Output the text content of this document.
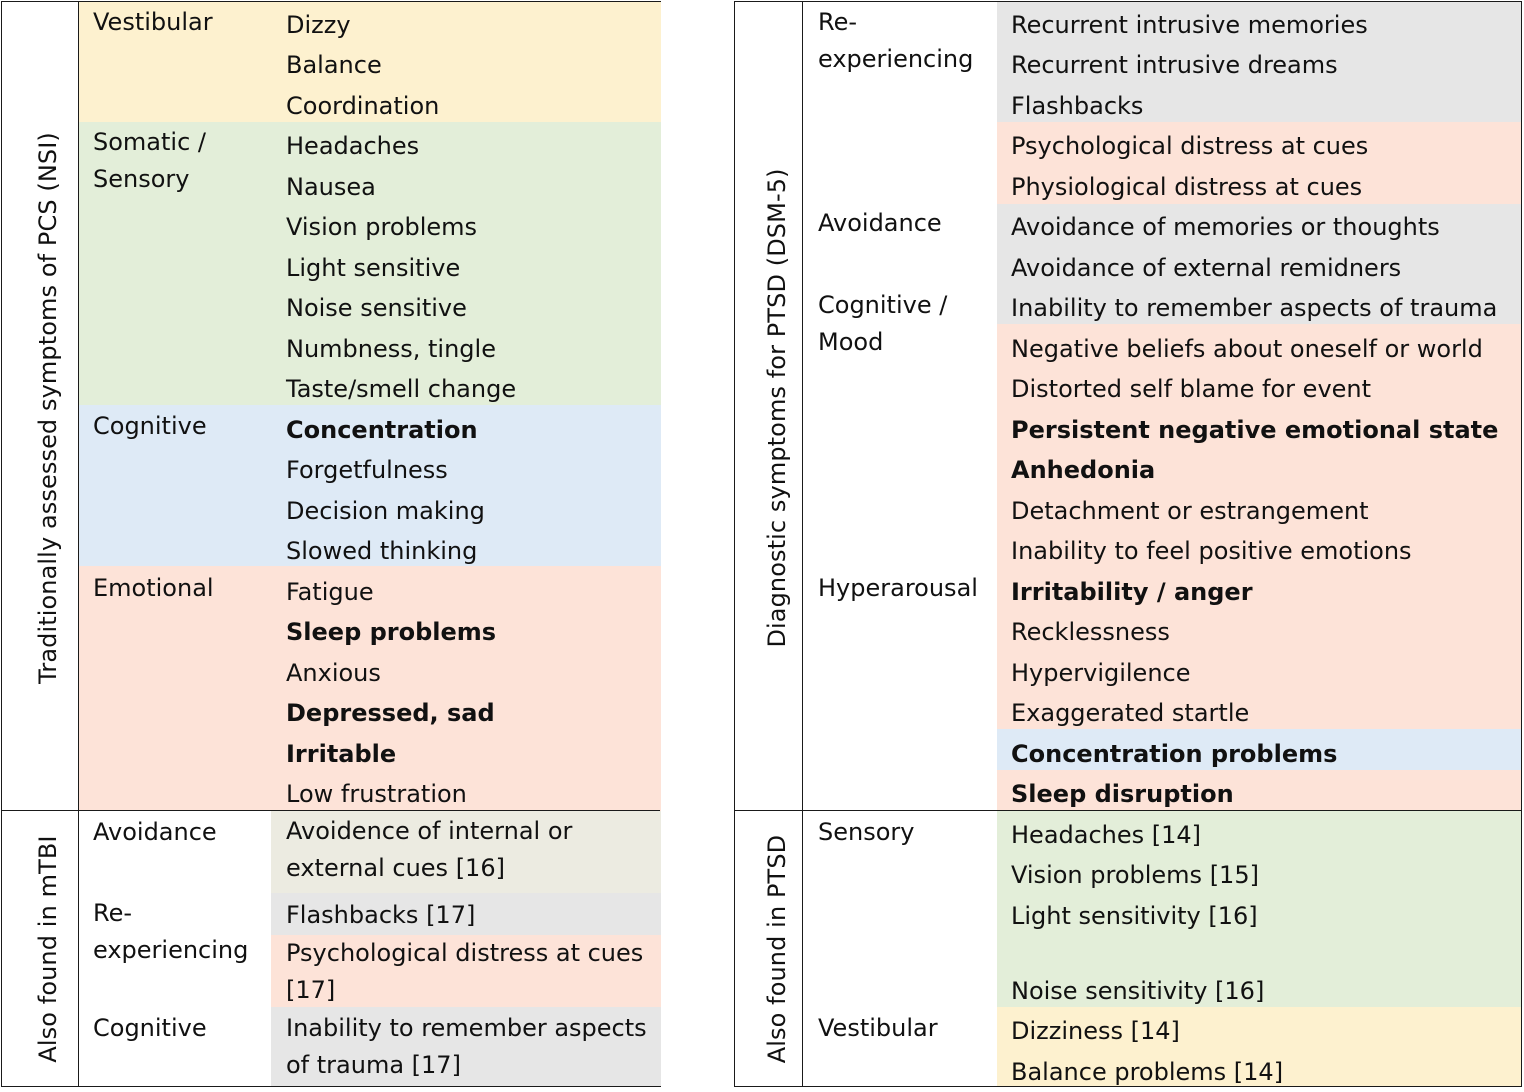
Traditionally assessed symptoms of PCS (NSI)
Also found in mTBI
Vestibular
Somatic / Sensory
Cognitive
Emotional
Avoidance
Re-experiencing
Cognitive
Dizzy
Balance
Coordination
Headaches
Nausea
Vision problems
Light sensitive
Noise sensitive
Numbness, tingle
Taste/smell change
Concentration
Forgetfulness
Decision making
Slowed thinking
Fatigue
Sleep problems
Anxious
Depressed, sad
Irritable
Low frustration
Avoidence of internal or external cues [16]
Flashbacks [17]
Psychological distress at cues [17]
Inability to remember aspects of trauma [17]
Diagnostic symptoms for PTSD (DSM-5)
Also found in PTSD
Re-experiencing
Avoidance
Cognitive / Mood
Hyperarousal
Sensory
Vestibular
Recurrent intrusive memories
Recurrent intrusive dreams
Flashbacks
Psychological distress at cues
Physiological distress at cues
Avoidance of memories or thoughts
Avoidance of external remidners
Inability to remember aspects of trauma
Negative beliefs about oneself or world
Distorted self blame for event
Persistent negative emotional state
Anhedonia
Detachment or estrangement
Inability to feel positive emotions
Irritability / anger
Recklessness
Hypervigilence
Exaggerated startle
Concentration problems
Sleep disruption
Headaches [14]
Vision problems [15]
Light sensitivity [16]
Noise sensitivity [16]
Dizziness [14]
Balance problems [14]
